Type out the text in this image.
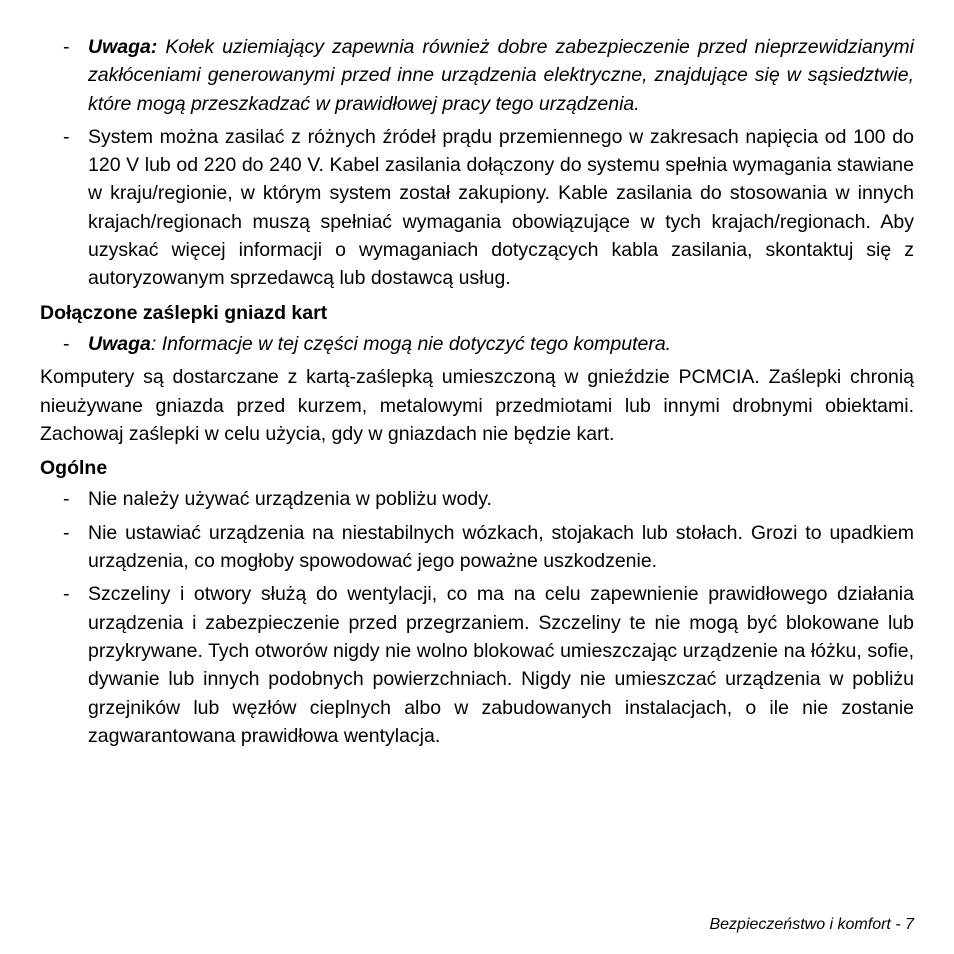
- Uwaga: Kołek uziemiający zapewnia również dobre zabezpieczenie przed nieprzewidzianymi zakłóceniami generowanymi przed inne urządzenia elektryczne, znajdujące się w sąsiedztwie, które mogą przeszkadzać w prawidłowej pracy tego urządzenia.
- System można zasilać z różnych źródeł prądu przemiennego w zakresach napięcia od 100 do 120 V lub od 220 do 240 V. Kabel zasilania dołączony do systemu spełnia wymagania stawiane w kraju/regionie, w którym system został zakupiony. Kable zasilania do stosowania w innych krajach/regionach muszą spełniać wymagania obowiązujące w tych krajach/regionach. Aby uzyskać więcej informacji o wymaganiach dotyczących kabla zasilania, skontaktuj się z autoryzowanym sprzedawcą lub dostawcą usług.
Dołączone zaślepki gniazd kart
- Uwaga: Informacje w tej części mogą nie dotyczyć tego komputera.
Komputery są dostarczane z kartą-zaślepką umieszczoną w gnieździe PCMCIA. Zaślepki chronią nieużywane gniazda przed kurzem, metalowymi przedmiotami lub innymi drobnymi obiektami. Zachowaj zaślepki w celu użycia, gdy w gniazdach nie będzie kart.
Ogólne
- Nie należy używać urządzenia w pobliżu wody.
- Nie ustawiać urządzenia na niestabilnych wózkach, stojakach lub stołach. Grozi to upadkiem urządzenia, co mogłoby spowodować jego poważne uszkodzenie.
- Szczeliny i otwory służą do wentylacji, co ma na celu zapewnienie prawidłowego działania urządzenia i zabezpieczenie przed przegrzaniem. Szczeliny te nie mogą być blokowane lub przykrywane. Tych otworów nigdy nie wolno blokować umieszczając urządzenie na łóżku, sofie, dywanie lub innych podobnych powierzchniach. Nigdy nie umieszczać urządzenia w pobliżu grzejników lub węzłów cieplnych albo w zabudowanych instalacjach, o ile nie zostanie zagwarantowana prawidłowa wentylacja.
Bezpieczeństwo i komfort - 7
